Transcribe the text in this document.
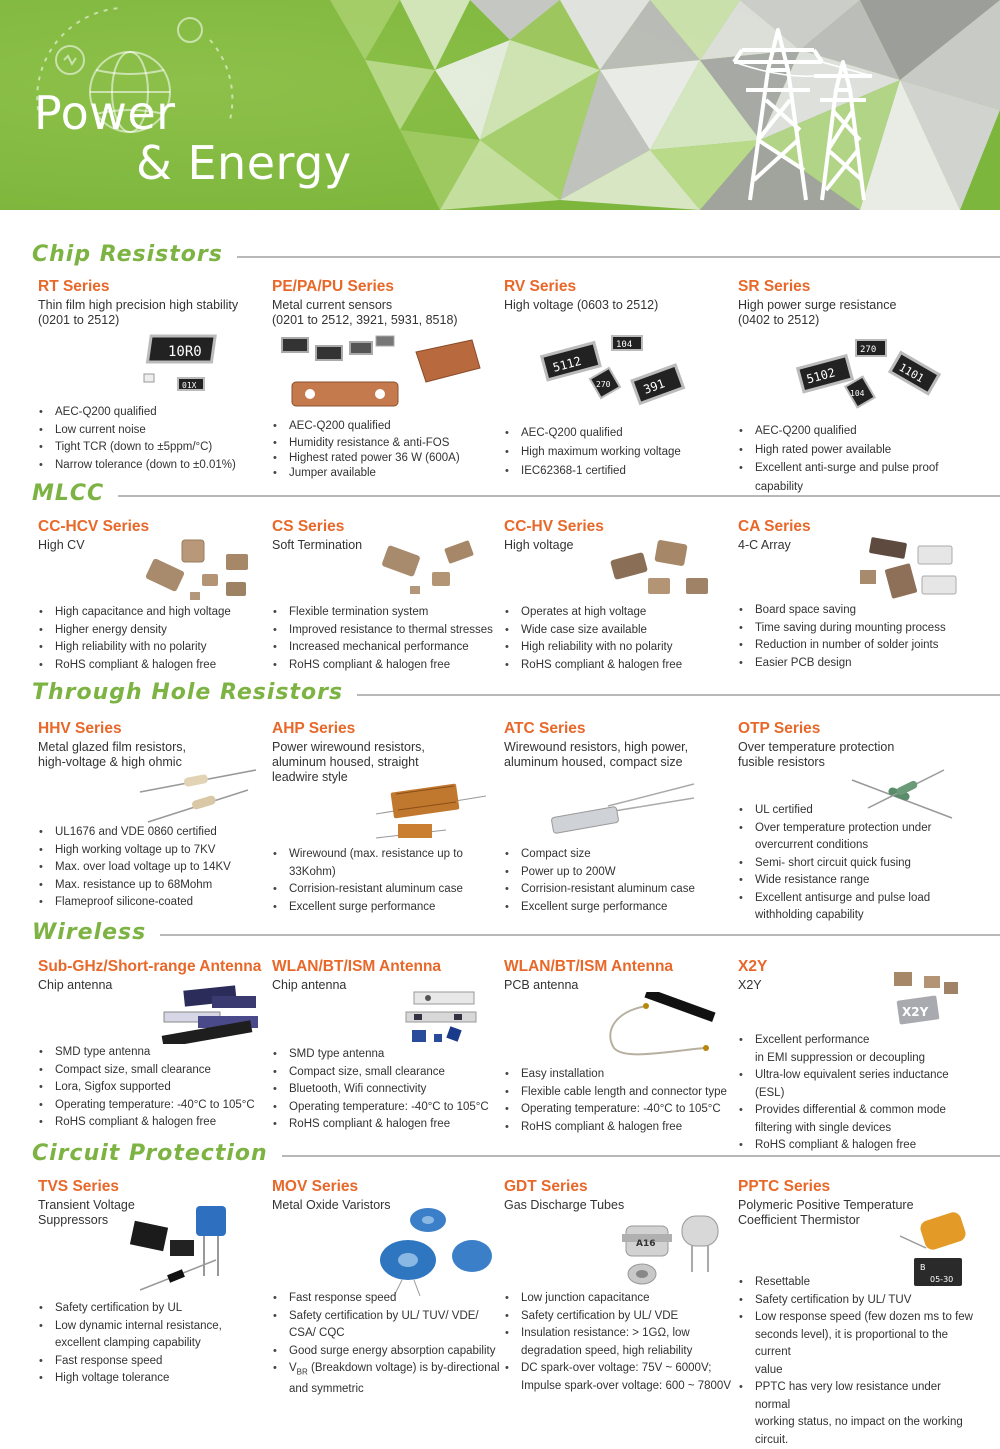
Power
& Energy
Chip Resistors
RT Series
Thin film high precision high stability
(0201 to 2512)
10R0
01X
• AEC-Q200 qualified
• Low current noise
• Tight TCR (down to ±5ppm/°C)
• Narrow tolerance (down to ±0.01%)
PE/PA/PU Series
Metal current sensors
(0201 to 2512, 3921, 5931, 8518)
• AEC-Q200 qualified
• Humidity resistance & anti-FOS
• Highest rated power 36 W (600A)
• Jumper available
RV Series
High voltage (0603 to 2512)
5112
104
270	391
• AEC-Q200 qualified
• High maximum working voltage
• IEC62368-1 certified
SR Series
High power surge resistance
(0402 to 2512)
5102
270
104
1101
• AEC-Q200 qualified
• High rated power available
• Excellent anti-surge and pulse proof capability
MLCC
CC-HCV Series
High CV
• High capacitance and high voltage
• Higher energy density
• High reliability with no polarity
• RoHS compliant & halogen free
CS Series
Soft Termination
• Flexible termination system
• Improved resistance to thermal stresses
• Increased mechanical performance
• RoHS compliant & halogen free
CC-HV Series
High voltage
• Operates at high voltage
• Wide case size available
• High reliability with no polarity
• RoHS compliant & halogen free
CA Series
4-C Array
• Board space saving
• Time saving during mounting process
• Reduction in number of solder joints
• Easier PCB design
Through Hole Resistors
HHV Series
Metal glazed film resistors,
high-voltage & high ohmic
• UL1676 and VDE 0860 certified
• High working voltage up to 7KV
• Max. over load voltage up to 14KV
• Max. resistance up to 68Mohm
• Flameproof silicone-coated
AHP Series
Power wirewound resistors,
aluminum housed, straight
leadwire style
• Wirewound (max. resistance up to
33Kohm)
• Corrision-resistant aluminum case
• Excellent surge performance
ATC Series
Wirewound resistors, high power,
aluminum housed, compact size
• Compact size
• Power up to 200W
• Corrision-resistant aluminum case
• Excellent surge performance
OTP Series
Over temperature protection
fusible resistors
• UL certified
• Over temperature protection under
overcurrent conditions
• Semi- short circuit quick fusing
• Wide resistance range
• Excellent antisurge and pulse load
withholding capability
Wireless
Sub-GHz/Short-range Antenna
Chip antenna
• SMD type antenna
• Compact size, small clearance
• Lora, Sigfox supported
• Operating temperature: -40°C to 105°C
• RoHS compliant & halogen free
WLAN/BT/ISM Antenna
Chip antenna
• SMD type antenna
• Compact size, small clearance
• Bluetooth, Wifi connectivity
• Operating temperature: -40°C to 105°C
• RoHS compliant & halogen free
WLAN/BT/ISM Antenna
PCB antenna
• Easy installation
• Flexible cable length and connector type
• Operating temperature: -40°C to 105°C
• RoHS compliant & halogen free
X2Y
X2Y
X2Y
• Excellent performance
in EMI suppression or decoupling
• Ultra-low equivalent series inductance (ESL)
• Provides differential & common mode
filtering with single devices
• RoHS compliant & halogen free
Circuit Protection
TVS Series
Transient Voltage
Suppressors
• Safety certification by UL
• Low dynamic internal resistance,
excellent clamping capability
• Fast response speed
• High voltage tolerance
MOV Series
Metal Oxide Varistors
• Fast response speed
• Safety certification by UL/ TUV/ VDE/
CSA/ CQC
• Good surge energy absorption capability
• $V_{BR}$ (Breakdown voltage) is by-directional
and symmetric
GDT Series
Gas Discharge Tubes
A16
• Low junction capacitance
• Safety certification by UL/ VDE
• Insulation resistance: > 1GΩ, low
degradation speed, high reliability
• DC spark-over voltage: 75V ~ 6000V;
Impulse spark-over voltage: 600 ~ 7800V
PPTC Series
Polymeric Positive Temperature
Coefficient Thermistor
B
05-30
• Resettable
• Safety certification by UL/ TUV
• Low response speed (few dozen ms to few
seconds level), it is proportional to the current
value
• PPTC has very low resistance under normal
working status, no impact on the working circuit.
